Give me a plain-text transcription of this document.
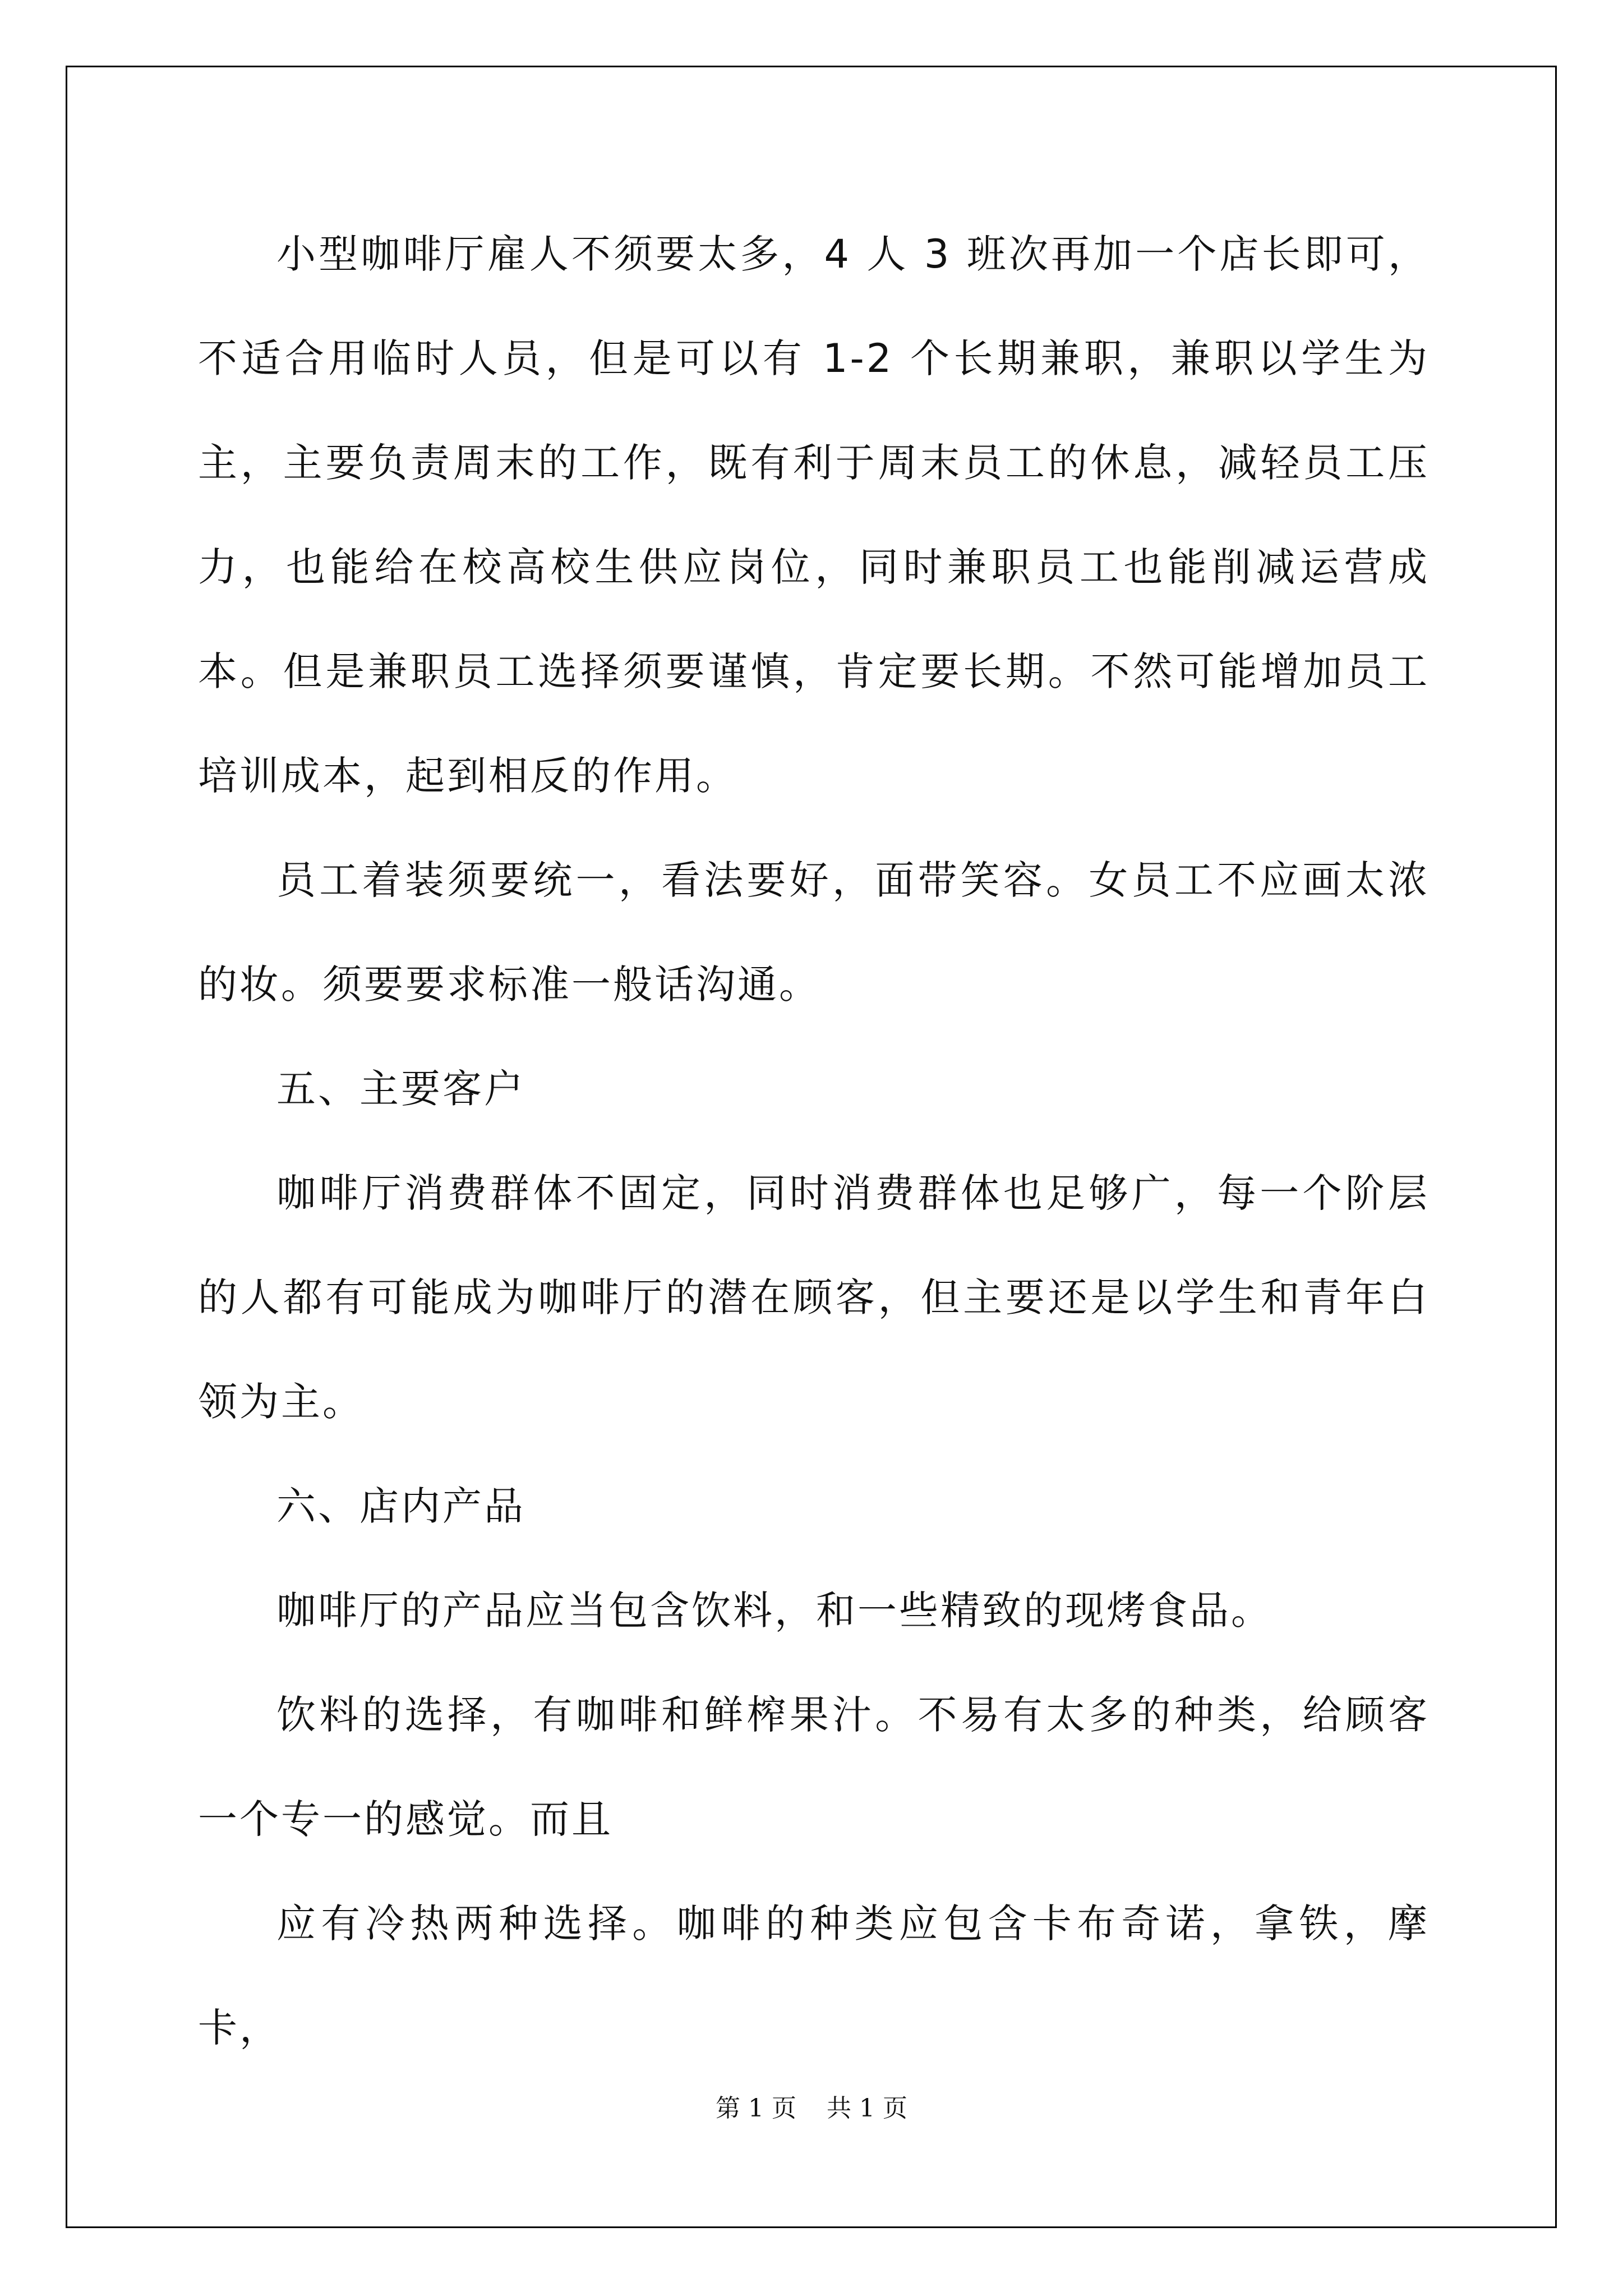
小型咖啡厅雇人不须要太多，4 人 3 班次再加一个店长即可，不适合用临时人员，但是可以有 1-2 个长期兼职，兼职以学生为主，主要负责周末的工作，既有利于周末员工的休息，减轻员工压力，也能给在校高校生供应岗位，同时兼职员工也能削减运营成本。但是兼职员工选择须要谨慎，肯定要长期。不然可能增加员工培训成本，起到相反的作用。

员工着装须要统一，看法要好，面带笑容。女员工不应画太浓的妆。须要要求标准一般话沟通。

五、主要客户

咖啡厅消费群体不固定，同时消费群体也足够广，每一个阶层的人都有可能成为咖啡厅的潜在顾客，但主要还是以学生和青年白领为主。

六、店内产品

咖啡厅的产品应当包含饮料，和一些精致的现烤食品。

饮料的选择，有咖啡和鲜榨果汁。不易有太多的种类，给顾客一个专一的感觉。而且

应有冷热两种选择。咖啡的种类应包含卡布奇诺，拿铁，摩卡，

第 1 页 共 1 页
